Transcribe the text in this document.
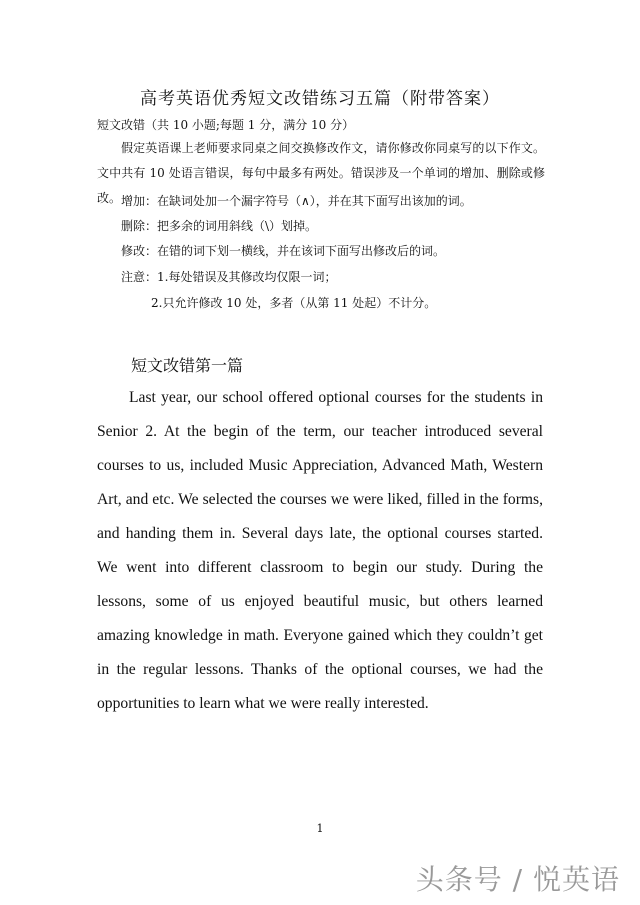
高考英语优秀短文改错练习五篇（附带答案）
短文改错（共 10 小题;每题 1 分，满分 10 分）
假定英语课上老师要求同桌之间交换修改作文，请你修改你同桌写的以下作文。文中共有 10 处语言错误，每句中最多有两处。错误涉及一个单词的增加、删除或修改。 增加：在缺词处加一个漏字符号（∧），并在其下面写出该加的词。
删除：把多余的词用斜线（\）划掉。
修改：在错的词下划一横线，并在该词下面写出修改后的词。
注意：1.每处错误及其修改均仅限一词；
2.只允许修改 10 处，多者（从第 11 处起）不计分。
短文改错第一篇
Last year, our school offered optional courses for the students in Senior 2. At the begin of the term, our teacher introduced several courses to us, included Music Appreciation, Advanced Math, Western Art, and etc. We selected the courses we were liked, filled in the forms, and handing them in. Several days late, the optional courses started. We went into different classroom to begin our study. During the lessons, some of us enjoyed beautiful music, but others learned amazing knowledge in math. Everyone gained which they couldn’t get in the regular lessons. Thanks of the optional courses, we had the opportunities to learn what we were really interested.
1
头条号 / 悦英语
